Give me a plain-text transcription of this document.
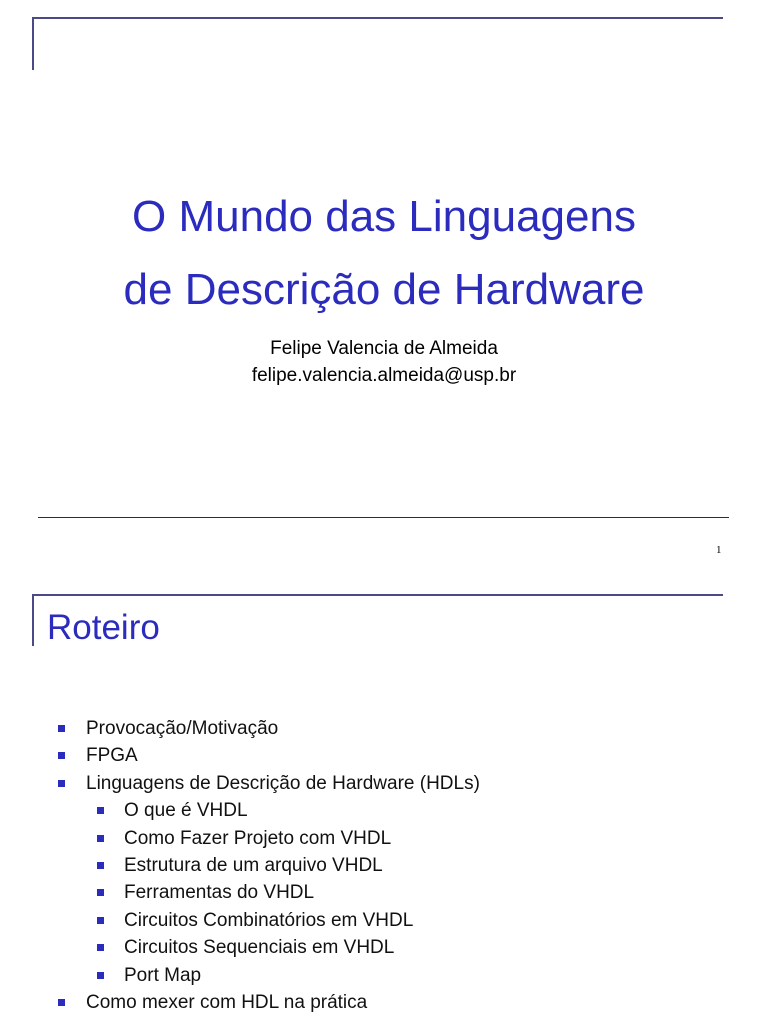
O Mundo das Linguagens
de Descrição de Hardware
Felipe Valencia de Almeida
felipe.valencia.almeida@usp.br
1
Roteiro
Provocação/Motivação
FPGA
Linguagens de Descrição de Hardware (HDLs)
O que é VHDL
Como Fazer Projeto com VHDL
Estrutura de um arquivo VHDL
Ferramentas do VHDL
Circuitos Combinatórios em VHDL
Circuitos Sequenciais em VHDL
Port Map
Como mexer com HDL na prática
